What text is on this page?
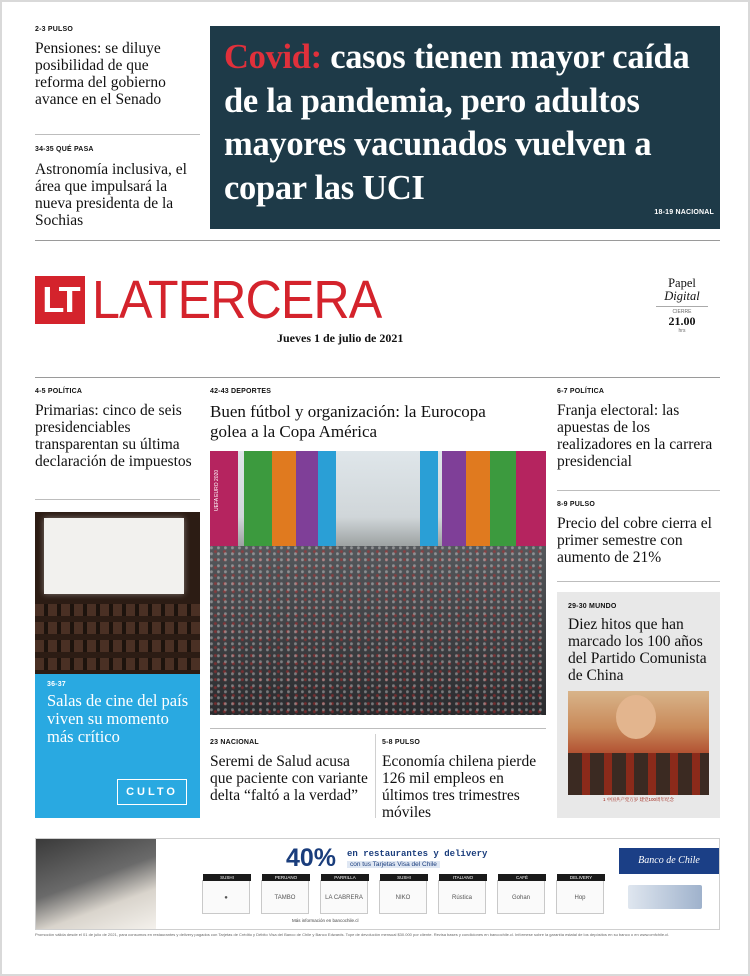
2-3 PULSO
Pensiones: se diluye posibilidad de que reforma del gobierno avance en el Senado
34-35 QUÉ PASA
Astronomía inclusiva, el área que impulsará la nueva presidenta de la Sochias
Covid: casos tienen mayor caída de la pandemia, pero adultos mayores vacunados vuelven a copar las UCI
18-19 NACIONAL
LT LATERCERA
Jueves 1 de julio de 2021
Papel
Digital
CIERRE
21.00
hrs
4-5 POLÍTICA
Primarias: cinco de seis presidenciables transparentan su última declaración de impuestos
36-37
Salas de cine del país viven su momento más crítico
CULTO
42-43 DEPORTES
Buen fútbol y organización: la Eurocopa golea a la Copa América
UEFA EURO 2020
23 NACIONAL
Seremi de Salud acusa que paciente con variante delta “faltó a la verdad”
5-8 PULSO
Economía chilena pierde 126 mil empleos en últimos tres trimestres móviles
6-7 POLÍTICA
Franja electoral: las apuestas de los realizadores en la carrera presidencial
8-9 PULSO
Precio del cobre cierra el primer semestre con aumento de 21%
29-30 MUNDO
Diez hitos que han marcado los 100 años del Partido Comunista de China
1 中国共产党万岁 建党100周年纪念
40% en restaurantes y delivery
con tus Tarjetas Visa del Chile	Banco de Chile
SUSHI
●
PERUANO
TAMBO
PARRILLA
LA CABRERA
SUSHI
NIKO
ITALIANO
Rústica
CAFÉ
Gohan
DELIVERY
Hop
Más información en bancochile.cl
Promoción válida desde el 01 de julio de 2021, para consumos en restaurantes y delivery pagados con Tarjetas de Crédito y Débito Visa del Banco de Chile y Banco Edwards. Tope de devolución mensual $30.000 por cliente. Revisa bases y condiciones en bancochile.cl. Infórmese sobre la garantía estatal de los depósitos en su banco o en www.cmfchile.cl.
